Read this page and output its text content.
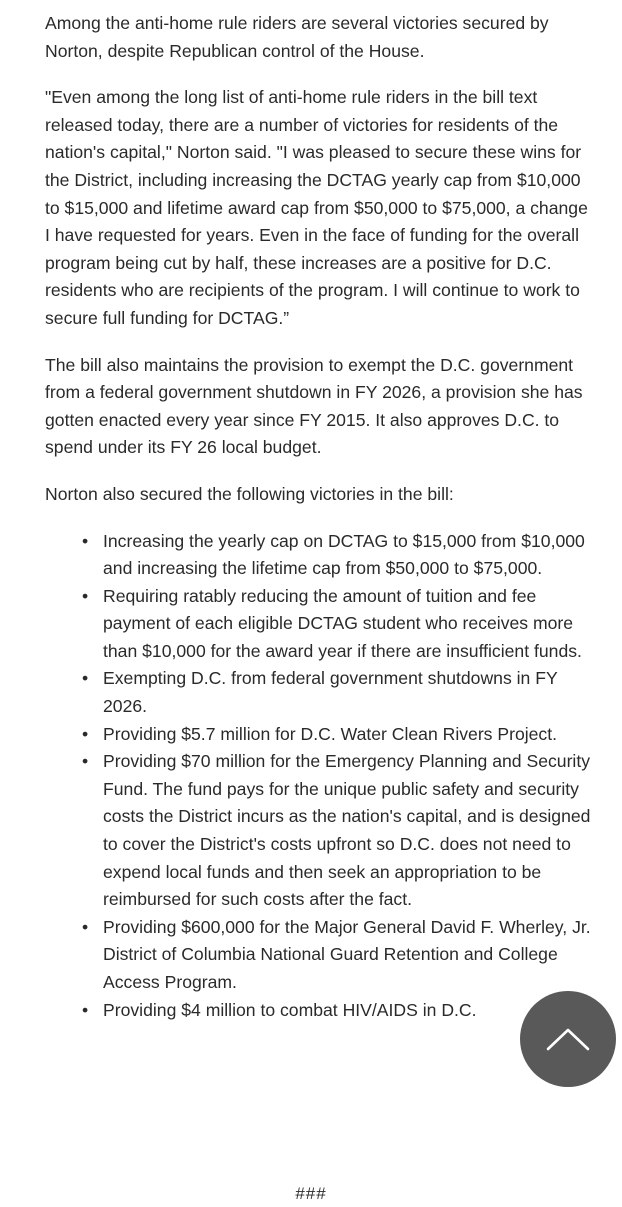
Among the anti-home rule riders are several victories secured by Norton, despite Republican control of the House.

"Even among the long list of anti-home rule riders in the bill text released today, there are a number of victories for residents of the nation's capital," Norton said. "I was pleased to secure these wins for the District, including increasing the DCTAG yearly cap from $10,000 to $15,000 and lifetime award cap from $50,000 to $75,000, a change I have requested for years. Even in the face of funding for the overall program being cut by half, these increases are a positive for D.C. residents who are recipients of the program. I will continue to work to secure full funding for DCTAG.”

The bill also maintains the provision to exempt the D.C. government from a federal government shutdown in FY 2026, a provision she has gotten enacted every year since FY 2015. It also approves D.C. to spend under its FY 26 local budget.

Norton also secured the following victories in the bill:

• Increasing the yearly cap on DCTAG to $15,000 from $10,000 and increasing the lifetime cap from $50,000 to $75,000.
• Requiring ratably reducing the amount of tuition and fee payment of each eligible DCTAG student who receives more than $10,000 for the award year if there are insufficient funds.
• Exempting D.C. from federal government shutdowns in FY 2026.
• Providing $5.7 million for D.C. Water Clean Rivers Project.
• Providing $70 million for the Emergency Planning and Security Fund. The fund pays for the unique public safety and security costs the District incurs as the nation's capital, and is designed to cover the District's costs upfront so D.C. does not need to expend local funds and then seek an appropriation to be reimbursed for such costs after the fact.
• Providing $600,000 for the Major General David F. Wherley, Jr. District of Columbia National Guard Retention and College Access Program.
• Providing $4 million to combat HIV/AIDS in D.C.
###
